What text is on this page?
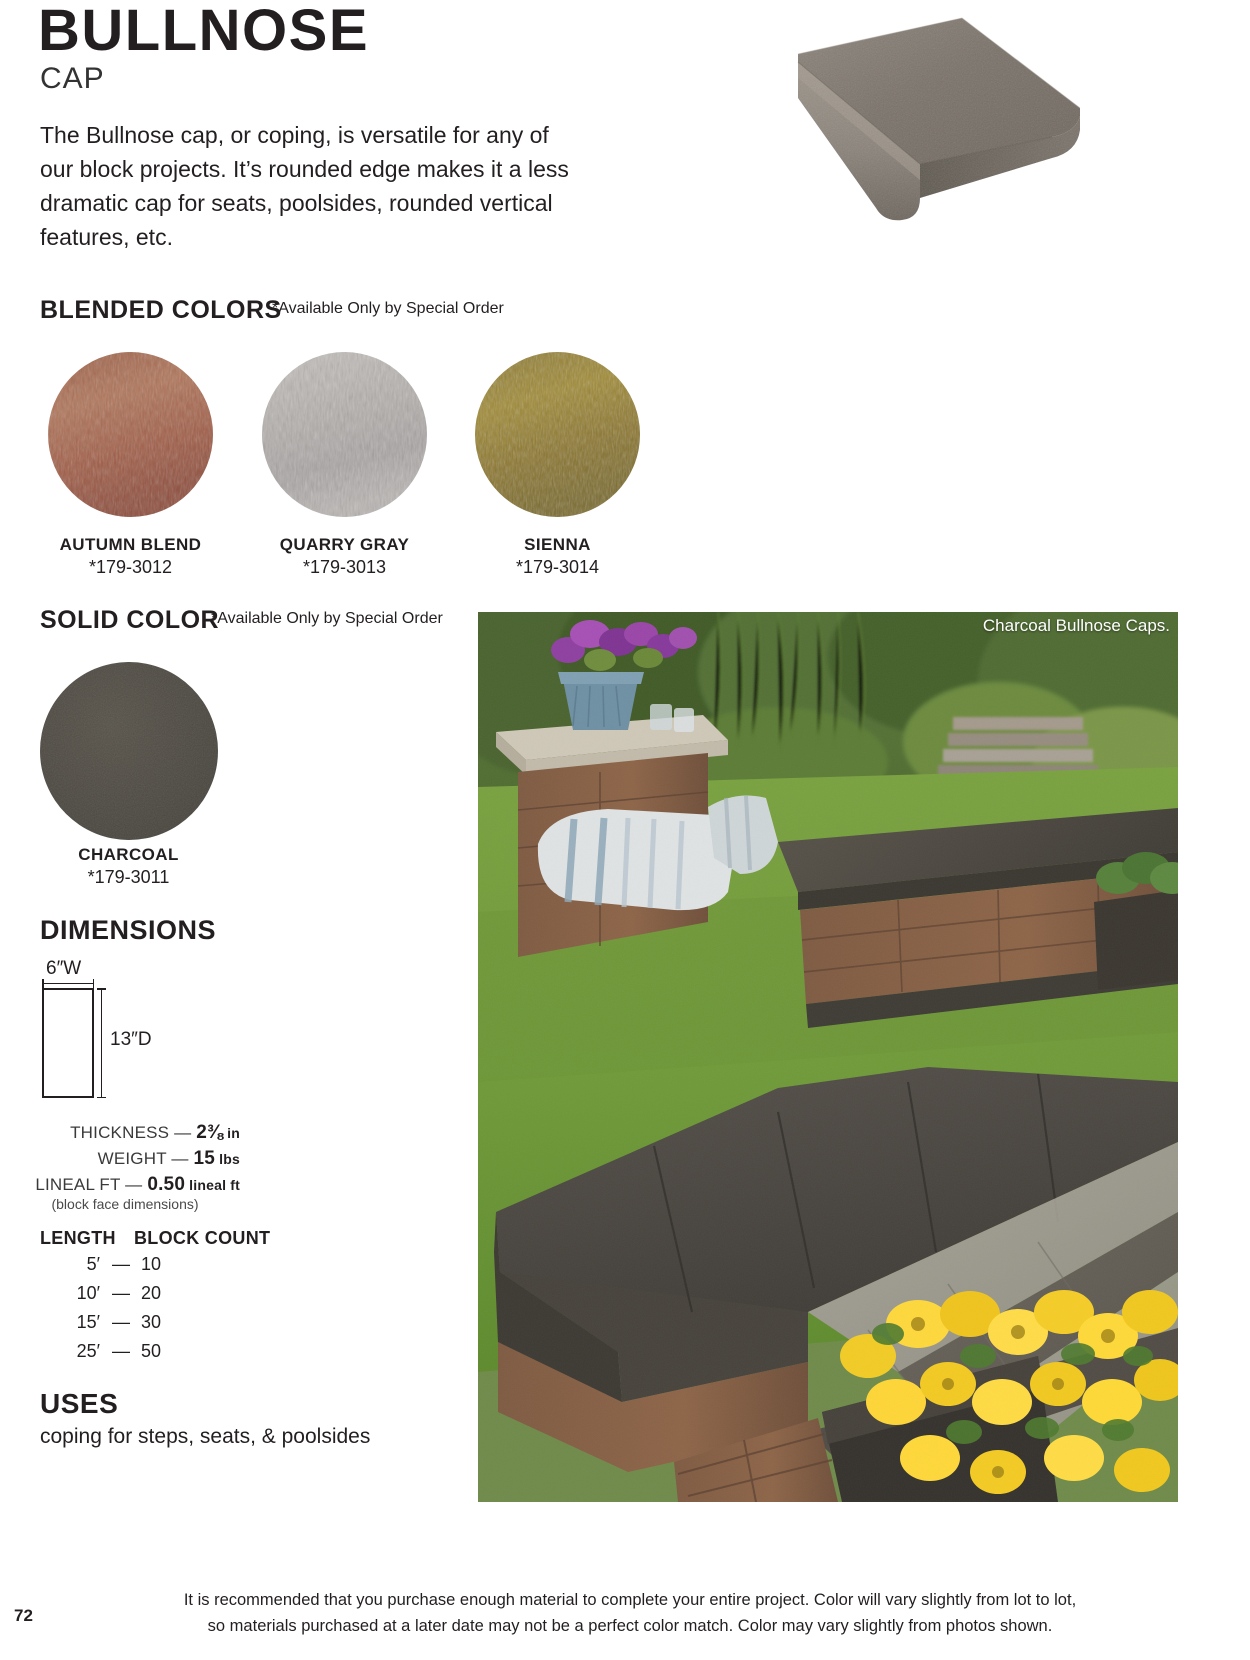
BULLNOSE
CAP
The Bullnose cap, or coping, is versatile for any of our block projects. It’s rounded edge makes it a less dramatic cap for seats, poolsides, rounded vertical features, etc.
BLENDED COLORS
*Available Only by Special Order
AUTUMN BLEND
*179-3012
QUARRY GRAY
*179-3013
SIENNA
*179-3014
SOLID COLOR
*Available Only by Special Order
CHARCOAL
*179-3011
DIMENSIONS
6″W
13″D
THICKNESS — 2⅜ in
WEIGHT — 15 lbs
LINEAL FT — 0.50 lineal ft
(block face dimensions)
LENGTH BLOCK COUNT
5′ — 10
10′ — 20
15′ — 30
25′ — 50
USES
coping for steps, seats, & poolsides
Charcoal Bullnose Caps.
It is recommended that you purchase enough material to complete your entire project. Color will vary slightly from lot to lot,
so materials purchased at a later date may not be a perfect color match. Color may vary slightly from photos shown.
72
